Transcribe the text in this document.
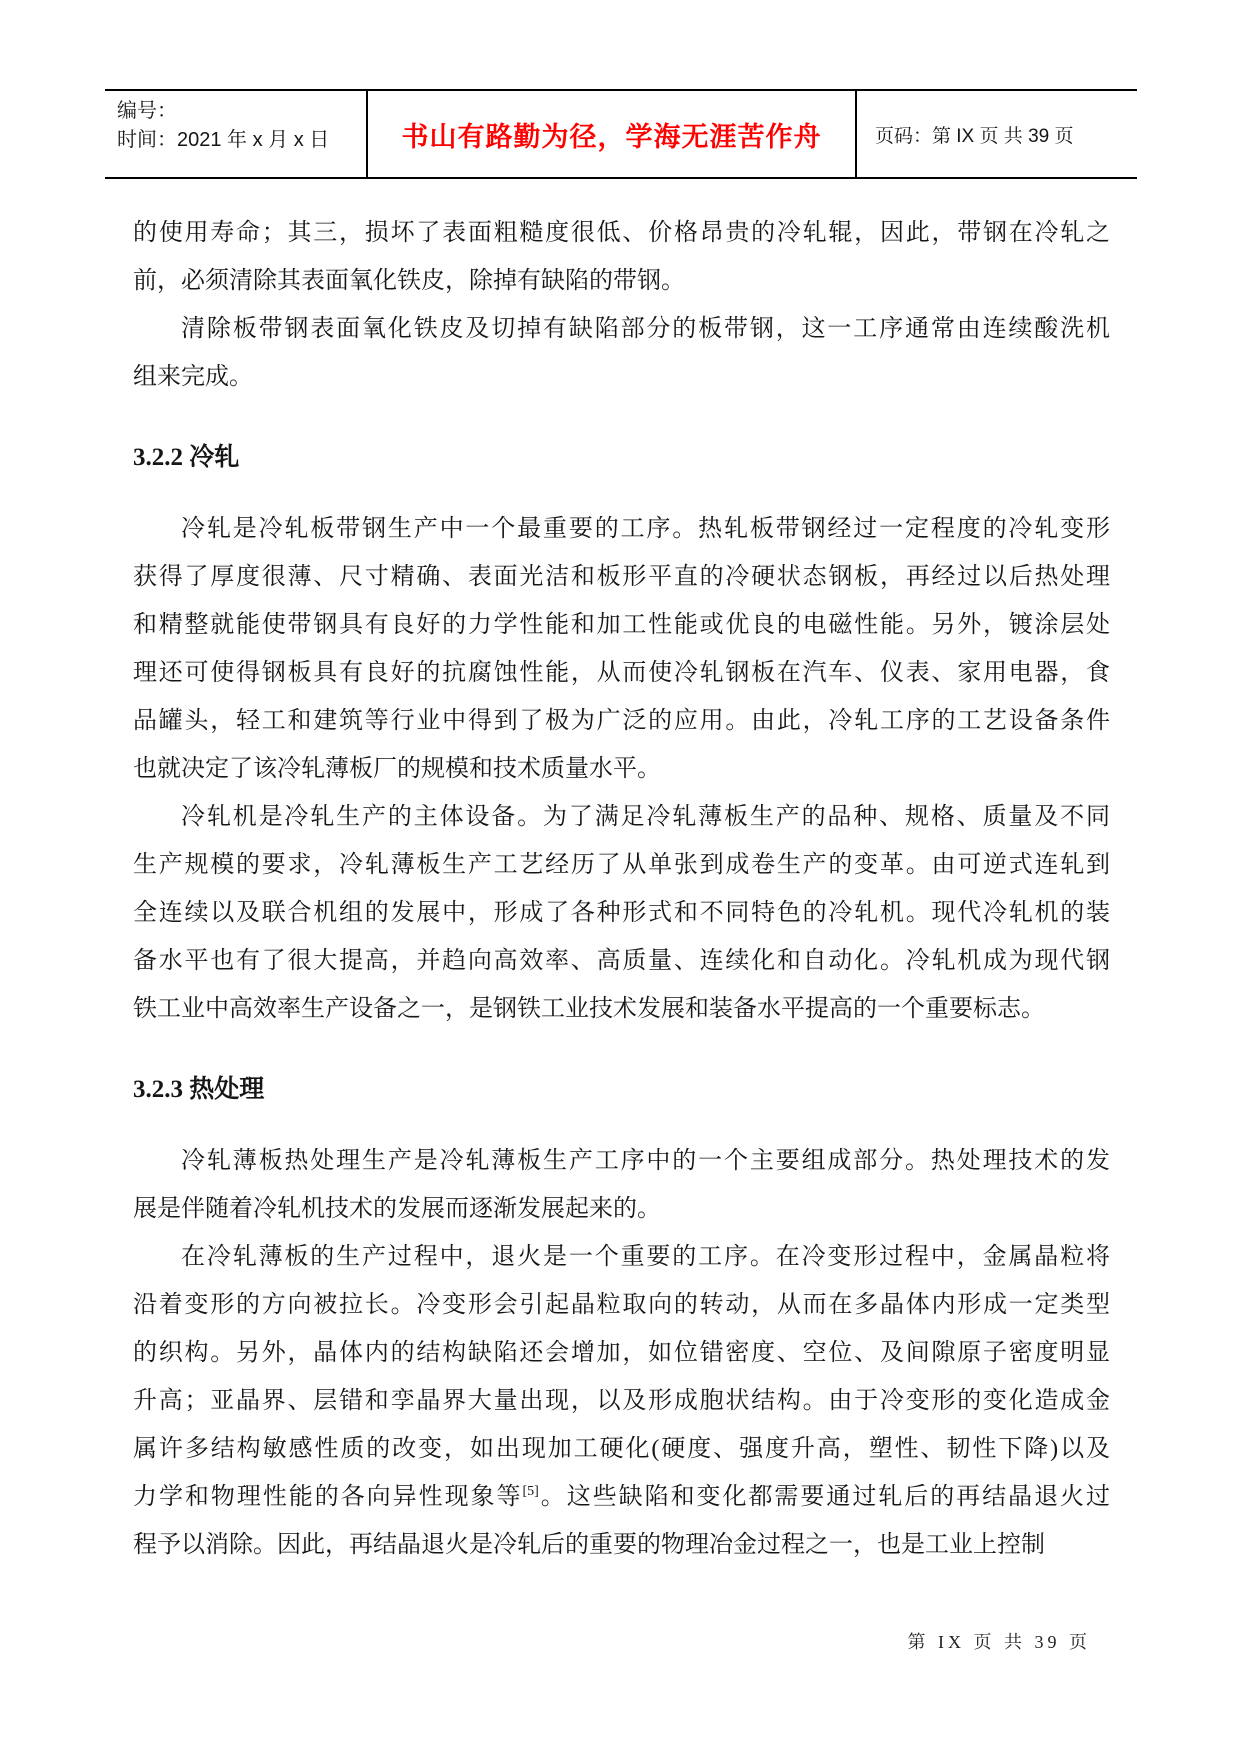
编号：
时间：2021 年 x 月 x 日	书山有路勤为径，学海无涯苦作舟	页码：第 IX 页 共 39 页
的使用寿命；其三，损坏了表面粗糙度很低、价格昂贵的冷轧辊，因此，带钢在冷轧之
前，必须清除其表面氧化铁皮，除掉有缺陷的带钢。
清除板带钢表面氧化铁皮及切掉有缺陷部分的板带钢，这一工序通常由连续酸洗机
组来完成。
3.2.2 冷轧
冷轧是冷轧板带钢生产中一个最重要的工序。热轧板带钢经过一定程度的冷轧变形
获得了厚度很薄、尺寸精确、表面光洁和板形平直的冷硬状态钢板，再经过以后热处理
和精整就能使带钢具有良好的力学性能和加工性能或优良的电磁性能。另外，镀涂层处
理还可使得钢板具有良好的抗腐蚀性能，从而使冷轧钢板在汽车、仪表、家用电器，食
品罐头，轻工和建筑等行业中得到了极为广泛的应用。由此，冷轧工序的工艺设备条件
也就决定了该冷轧薄板厂的规模和技术质量水平。
冷轧机是冷轧生产的主体设备。为了满足冷轧薄板生产的品种、规格、质量及不同
生产规模的要求，冷轧薄板生产工艺经历了从单张到成卷生产的变革。由可逆式连轧到
全连续以及联合机组的发展中，形成了各种形式和不同特色的冷轧机。现代冷轧机的装
备水平也有了很大提高，并趋向高效率、高质量、连续化和自动化。冷轧机成为现代钢
铁工业中高效率生产设备之一，是钢铁工业技术发展和装备水平提高的一个重要标志。
3.2.3 热处理
冷轧薄板热处理生产是冷轧薄板生产工序中的一个主要组成部分。热处理技术的发
展是伴随着冷轧机技术的发展而逐渐发展起来的。
在冷轧薄板的生产过程中，退火是一个重要的工序。在冷变形过程中，金属晶粒将
沿着变形的方向被拉长。冷变形会引起晶粒取向的转动，从而在多晶体内形成一定类型
的织构。另外，晶体内的结构缺陷还会增加，如位错密度、空位、及间隙原子密度明显
升高；亚晶界、层错和孪晶界大量出现，以及形成胞状结构。由于冷变形的变化造成金
属许多结构敏感性质的改变，如出现加工硬化(硬度、强度升高，塑性、韧性下降)以及
力学和物理性能的各向异性现象等[5]。这些缺陷和变化都需要通过轧后的再结晶退火过
程予以消除。因此，再结晶退火是冷轧后的重要的物理冶金过程之一，也是工业上控制
第 IX 页 共 39 页
